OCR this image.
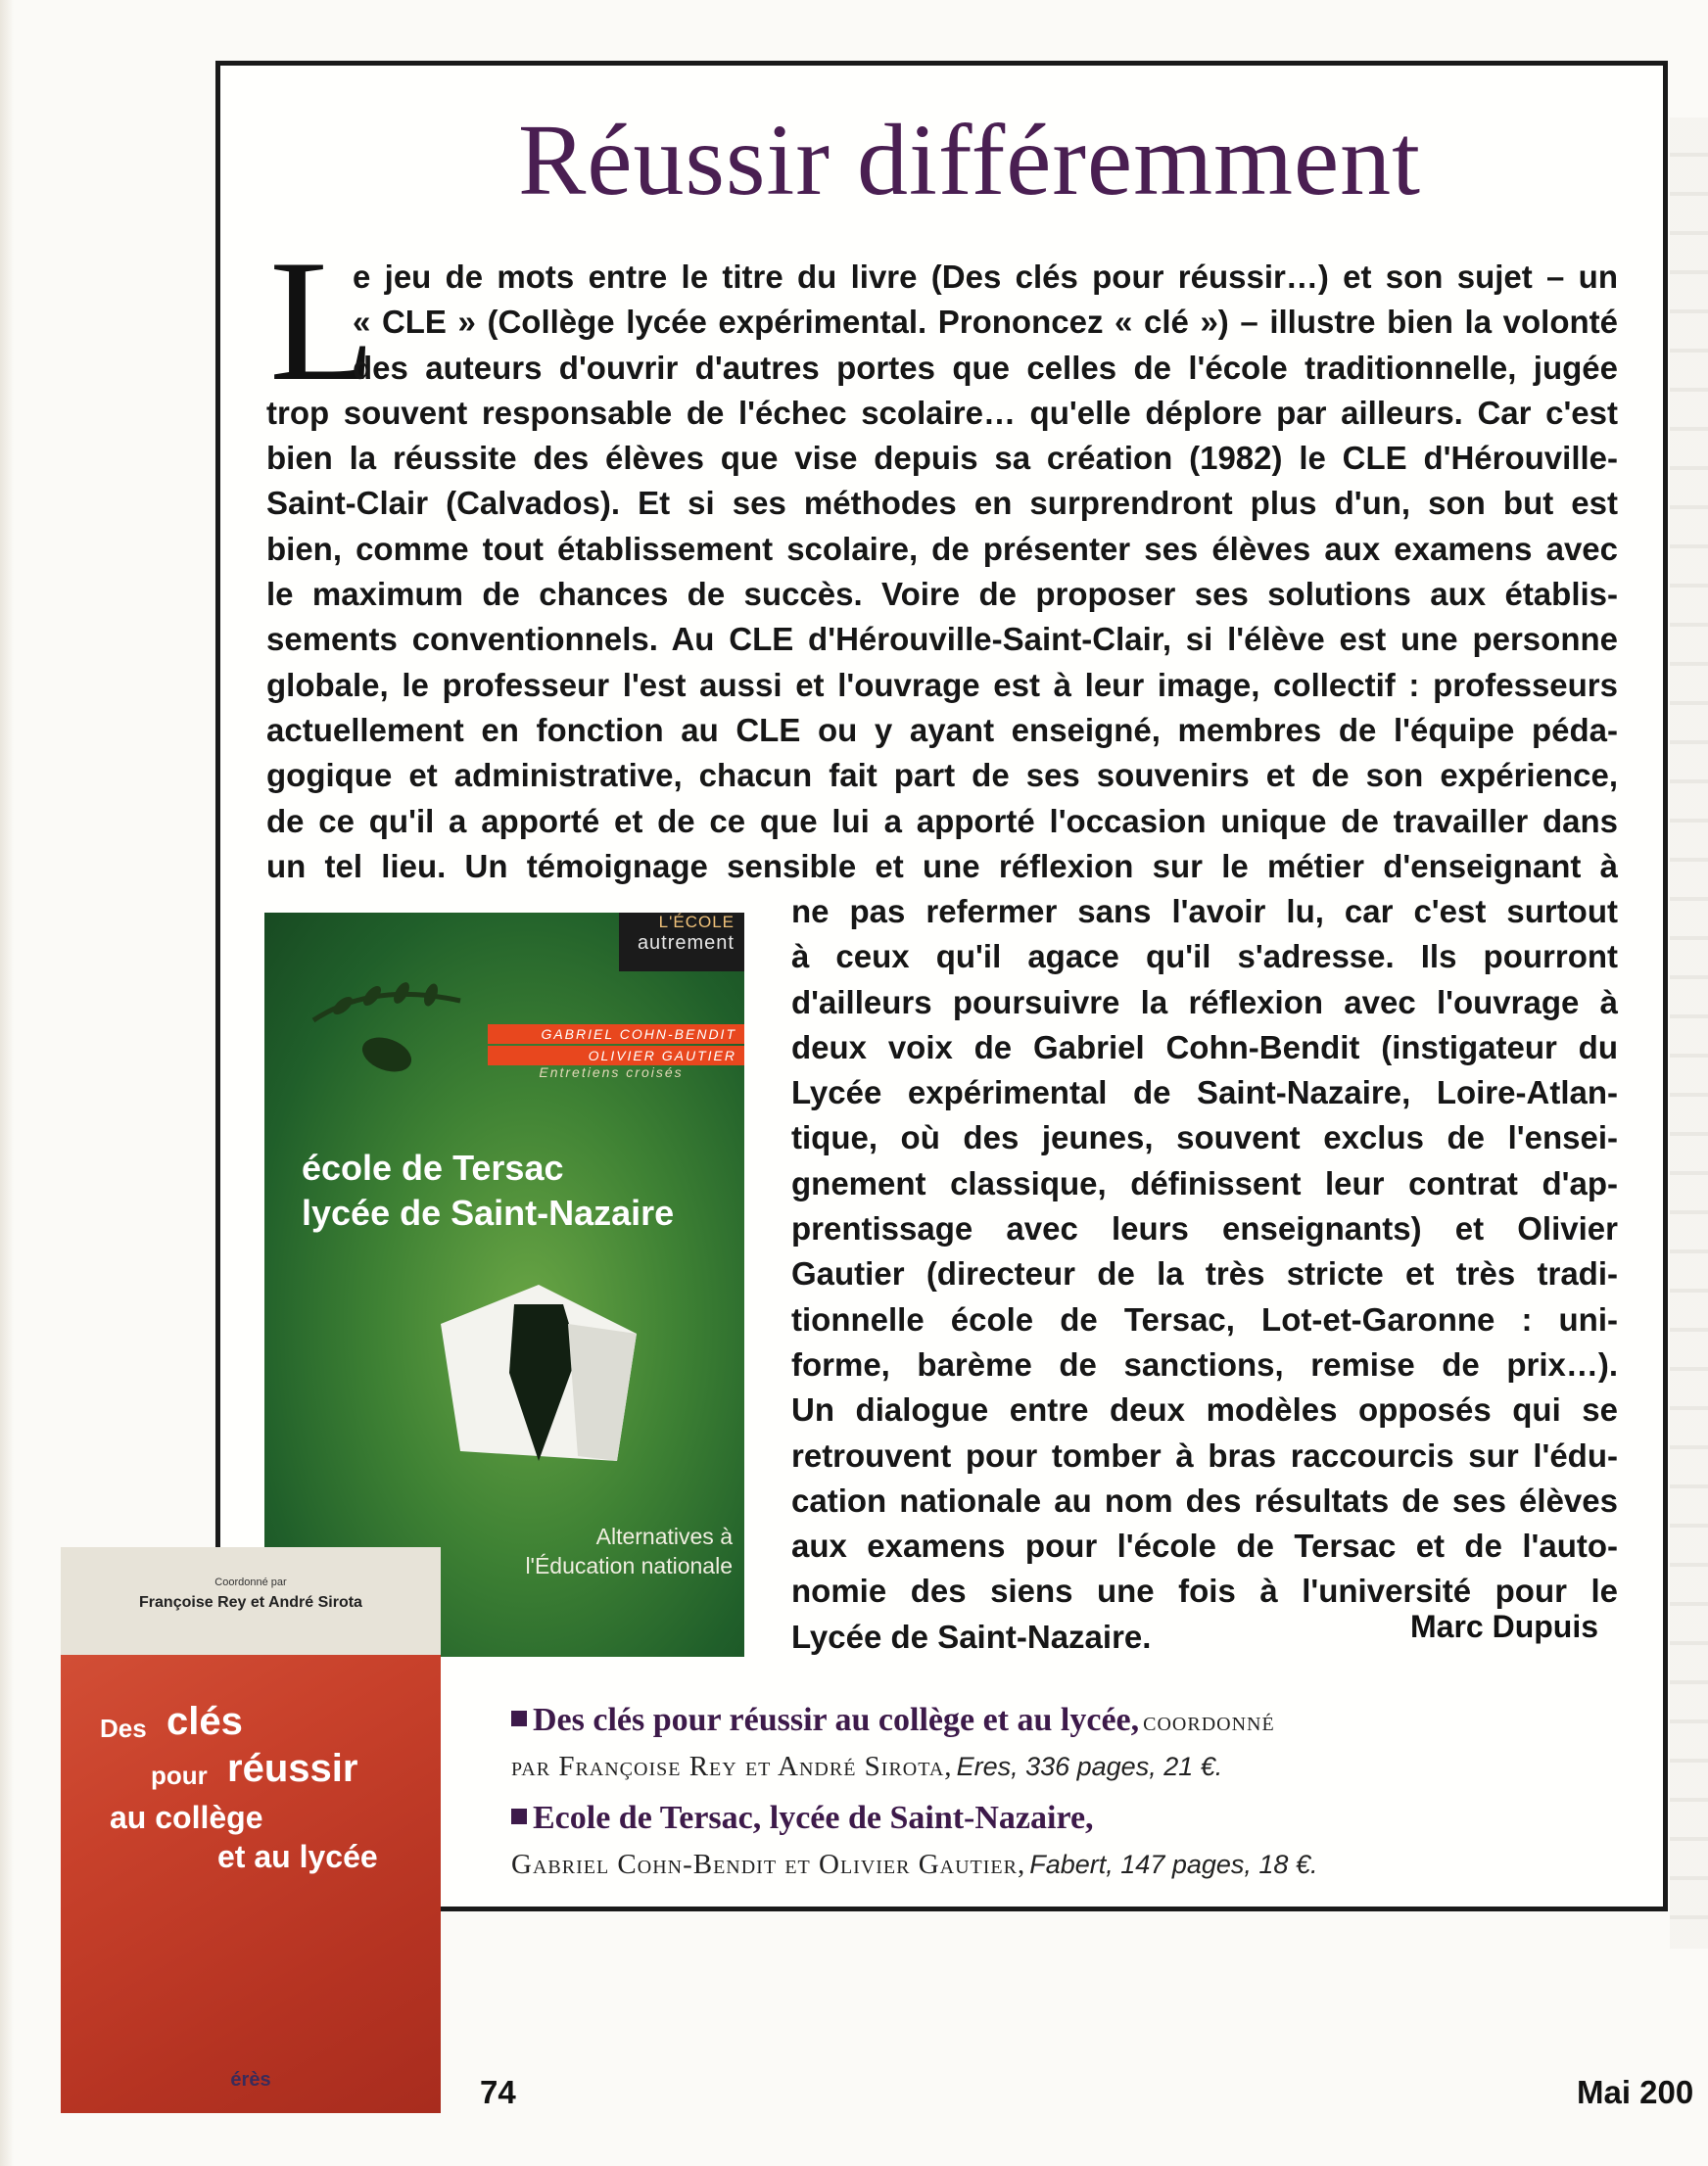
Réussir différemment
L
e jeu de mots entre le titre du livre (Des clés pour réussir…) et son sujet – un
« CLE » (Collège lycée expérimental. Prononcez « clé ») – illustre bien la volonté
des auteurs d'ouvrir d'autres portes que celles de l'école traditionnelle, jugée
trop souvent responsable de l'échec scolaire… qu'elle déplore par ailleurs. Car c'est
bien la réussite des élèves que vise depuis sa création (1982) le CLE d'Hérouville-
Saint-Clair (Calvados). Et si ses méthodes en surprendront plus d'un, son but est
bien, comme tout établissement scolaire, de présenter ses élèves aux examens avec
le maximum de chances de succès. Voire de proposer ses solutions aux établis-
sements conventionnels. Au CLE d'Hérouville-Saint-Clair, si l'élève est une personne
globale, le professeur l'est aussi et l'ouvrage est à leur image, collectif : professeurs
actuellement en fonction au CLE ou y ayant enseigné, membres de l'équipe péda-
gogique et administrative, chacun fait part de ses souvenirs et de son expérience,
de ce qu'il a apporté et de ce que lui a apporté l'occasion unique de travailler dans
un tel lieu. Un témoignage sensible et une réflexion sur le métier d'enseignant à
ne pas refermer sans l'avoir lu, car c'est surtout
à ceux qu'il agace qu'il s'adresse. Ils pourront
d'ailleurs poursuivre la réflexion avec l'ouvrage à
deux voix de Gabriel Cohn-Bendit (instigateur du
Lycée expérimental de Saint-Nazaire, Loire-Atlan-
tique, où des jeunes, souvent exclus de l'ensei-
gnement classique, définissent leur contrat d'ap-
prentissage avec leurs enseignants) et Olivier
Gautier (directeur de la très stricte et très tradi-
tionnelle école de Tersac, Lot-et-Garonne : uni-
forme, barème de sanctions, remise de prix…).
Un dialogue entre deux modèles opposés qui se
retrouvent pour tomber à bras raccourcis sur l'édu-
cation nationale au nom des résultats de ses élèves
aux examens pour l'école de Tersac et de l'auto-
nomie des siens une fois à l'université pour le
Lycée de Saint-Nazaire.	Marc Dupuis
L'ÉCOLE
autrement
GABRIEL COHN-BENDIT
OLIVIER GAUTIER
Entretiens croisés
école de Tersac
lycée de Saint-Nazaire
Alternatives à
l'Éducation nationale
Coordonné par
Françoise Rey et André Sirota
Des clés
pour réussir
au collège
et au lycée
érès
Des clés pour réussir au collège et au lycée, coordonné
par Françoise Rey et André Sirota, Eres, 336 pages, 21 €.
Ecole de Tersac, lycée de Saint-Nazaire,
Gabriel Cohn-Bendit et Olivier Gautier, Fabert, 147 pages, 18 €.
74	Mai 200
